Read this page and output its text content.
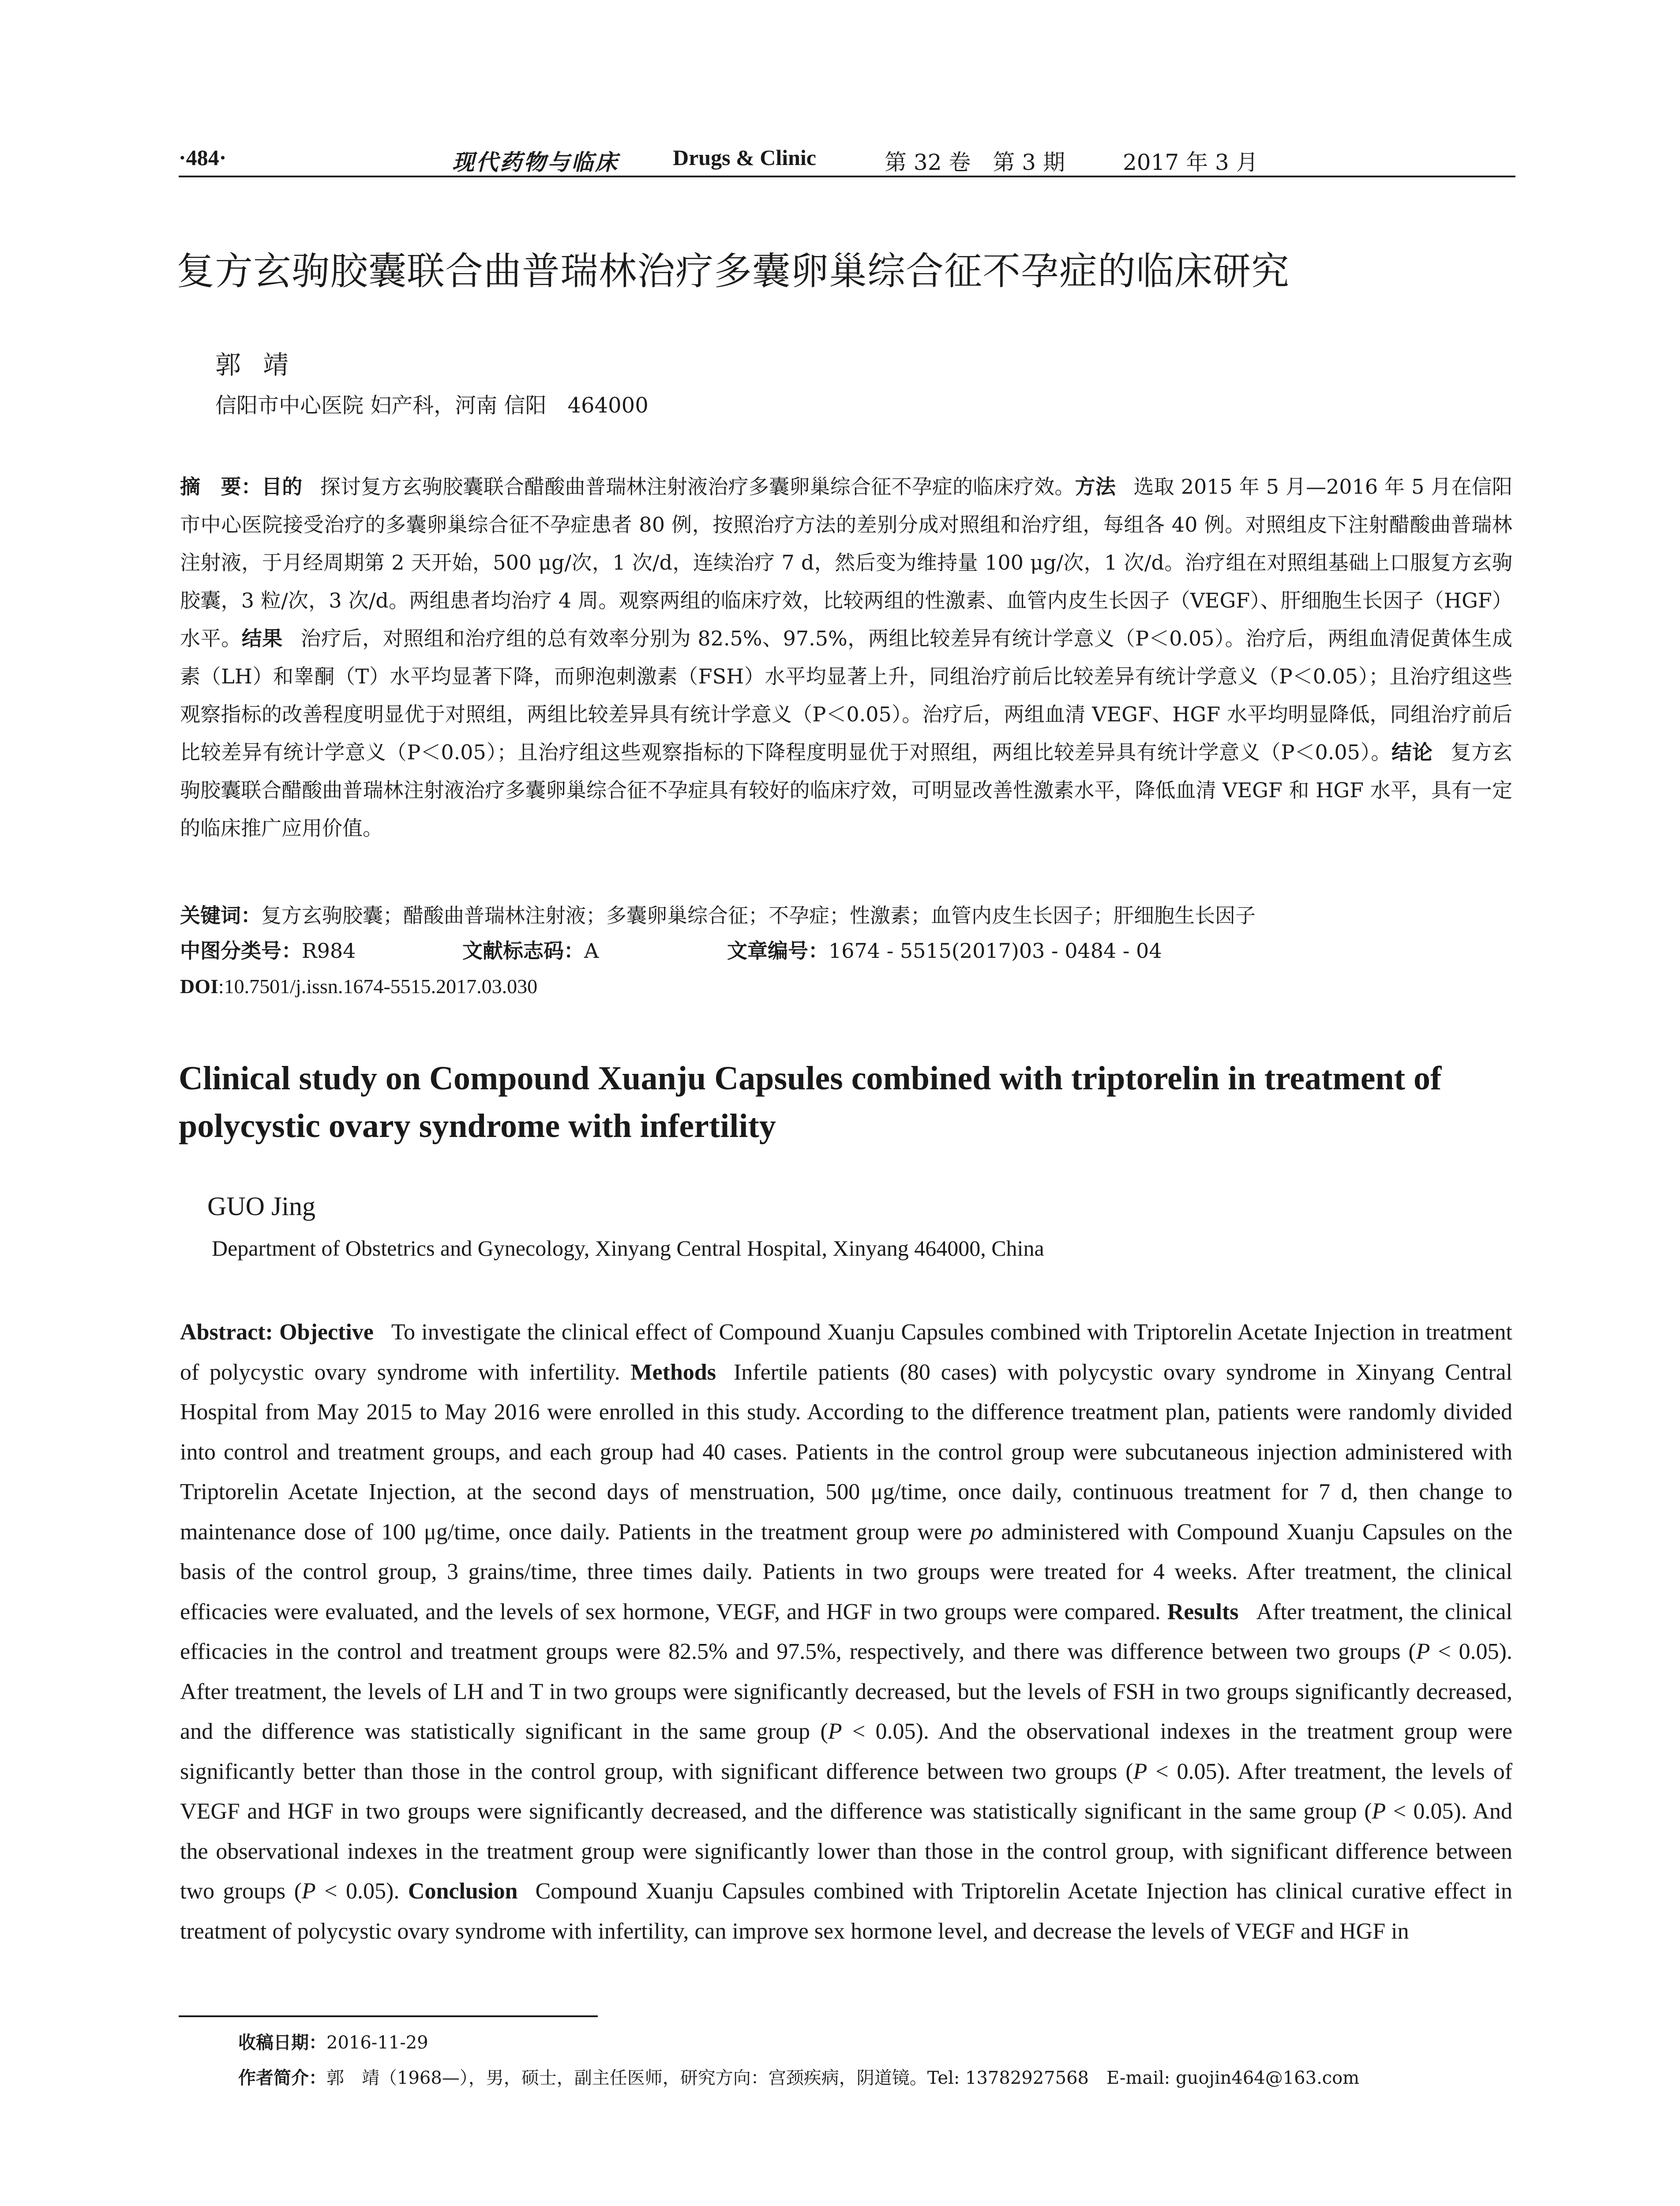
·484·	现代药物与临床 Drugs & Clinic	第 32 卷　第 3 期	2017 年 3 月
复方玄驹胶囊联合曲普瑞林治疗多囊卵巢综合征不孕症的临床研究
郭靖
信阳市中心医院 妇产科，河南 信阳　464000
摘　要：目的 探讨复方玄驹胶囊联合醋酸曲普瑞林注射液治疗多囊卵巢综合征不孕症的临床疗效。方法 选取 2015 年 5 月—2016 年 5 月在信阳市中心医院接受治疗的多囊卵巢综合征不孕症患者 80 例，按照治疗方法的差别分成对照组和治疗组，每组各 40 例。对照组皮下注射醋酸曲普瑞林注射液，于月经周期第 2 天开始，500 μg/次，1 次/d，连续治疗 7 d，然后变为维持量 100 μg/次，1 次/d。治疗组在对照组基础上口服复方玄驹胶囊，3 粒/次，3 次/d。两组患者均治疗 4 周。观察两组的临床疗效，比较两组的性激素、血管内皮生长因子（VEGF）、肝细胞生长因子（HGF）水平。结果 治疗后，对照组和治疗组的总有效率分别为 82.5%、97.5%，两组比较差异有统计学意义（P＜0.05）。治疗后，两组血清促黄体生成素（LH）和睾酮（T）水平均显著下降，而卵泡刺激素（FSH）水平均显著上升，同组治疗前后比较差异有统计学意义（P＜0.05）；且治疗组这些观察指标的改善程度明显优于对照组，两组比较差异具有统计学意义（P＜0.05）。治疗后，两组血清 VEGF、HGF 水平均明显降低，同组治疗前后比较差异有统计学意义（P＜0.05）；且治疗组这些观察指标的下降程度明显优于对照组，两组比较差异具有统计学意义（P＜0.05）。结论 复方玄驹胶囊联合醋酸曲普瑞林注射液治疗多囊卵巢综合征不孕症具有较好的临床疗效，可明显改善性激素水平，降低血清 VEGF 和 HGF 水平，具有一定的临床推广应用价值。
关键词：复方玄驹胶囊；醋酸曲普瑞林注射液；多囊卵巢综合征；不孕症；性激素；血管内皮生长因子；肝细胞生长因子
中图分类号：R984	文献标志码：A	文章编号：1674 - 5515(2017)03 - 0484 - 04
DOI:10.7501/j.issn.1674-5515.2017.03.030
Clinical study on Compound Xuanju Capsules combined with triptorelin in treatment of polycystic ovary syndrome with infertility
GUO Jing
Department of Obstetrics and Gynecology, Xinyang Central Hospital, Xinyang 464000, China
Abstract: Objective To investigate the clinical effect of Compound Xuanju Capsules combined with Triptorelin Acetate Injection in treatment of polycystic ovary syndrome with infertility. Methods Infertile patients (80 cases) with polycystic ovary syndrome in Xinyang Central Hospital from May 2015 to May 2016 were enrolled in this study. According to the difference treatment plan, patients were randomly divided into control and treatment groups, and each group had 40 cases. Patients in the control group were subcutaneous injection administered with Triptorelin Acetate Injection, at the second days of menstruation, 500 μg/time, once daily, continuous treatment for 7 d, then change to maintenance dose of 100 μg/time, once daily. Patients in the treatment group were po administered with Compound Xuanju Capsules on the basis of the control group, 3 grains/time, three times daily. Patients in two groups were treated for 4 weeks. After treatment, the clinical efficacies were evaluated, and the levels of sex hormone, VEGF, and HGF in two groups were compared. Results After treatment, the clinical efficacies in the control and treatment groups were 82.5% and 97.5%, respectively, and there was difference between two groups (P < 0.05). After treatment, the levels of LH and T in two groups were significantly decreased, but the levels of FSH in two groups significantly decreased, and the difference was statistically significant in the same group (P < 0.05). And the observational indexes in the treatment group were significantly better than those in the control group, with significant difference between two groups (P < 0.05). After treatment, the levels of VEGF and HGF in two groups were significantly decreased, and the difference was statistically significant in the same group (P < 0.05). And the observational indexes in the treatment group were significantly lower than those in the control group, with significant difference between two groups (P < 0.05). Conclusion Compound Xuanju Capsules combined with Triptorelin Acetate Injection has clinical curative effect in treatment of polycystic ovary syndrome with infertility, can improve sex hormone level, and decrease the levels of VEGF and HGF in
收稿日期：2016-11-29
作者简介：郭　靖（1968—），男，硕士，副主任医师，研究方向：宫颈疾病，阴道镜。Tel: 13782927568　E-mail: guojin464@163.com
